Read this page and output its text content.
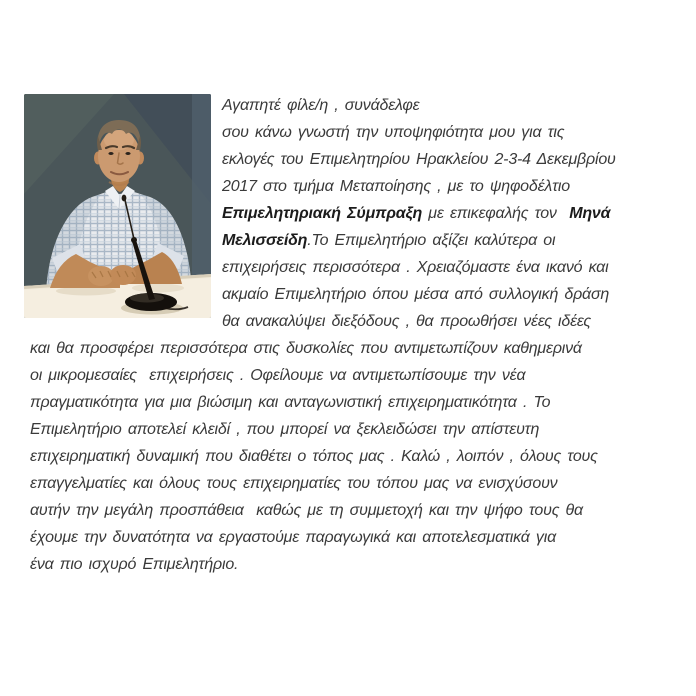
Αγαπητέ φίλε/η , συνάδελφε
σου κάνω γνωστή την υποψηφιότητα μου για τις
εκλογές του Επιμελητηρίου Ηρακλείου 2-3-4 Δεκεμβρίου
2017 στο τμήμα Μεταποίησης , με το ψηφοδέλτιο
Επιμελητηριακή Σύμπραξη με επικεφαλής τον  Μηνά
Μελισσείδη.Το Επιμελητήριο αξίζει καλύτερα οι
επιχειρήσεις περισσότερα . Χρειαζόμαστε ένα ικανό και
ακμαίο Επιμελητήριο όπου μέσα από συλλογική δράση
θα ανακαλύψει διεξόδους , θα προωθήσει νέες ιδέες
και θα προσφέρει περισσότερα στις δυσκολίες που αντιμετωπίζουν καθημερινά
οι μικρομεσαίες  επιχειρήσεις . Οφείλουμε να αντιμετωπίσουμε την νέα
πραγματικότητα για μια βιώσιμη και ανταγωνιστική επιχειρηματικότητα . Το
Επιμελητήριο αποτελεί κλειδί , που μπορεί να ξεκλειδώσει την απίστευτη
επιχειρηματική δυναμική που διαθέτει ο τόπος μας . Καλώ , λοιπόν , όλους τους
επαγγελματίες και όλους τους επιχειρηματίες του τόπου μας να ενισχύσουν
αυτήν την μεγάλη προσπάθεια  καθώς με τη συμμετοχή και την ψήφο τους θα
έχουμε την δυνατότητα να εργαστούμε παραγωγικά και αποτελεσματικά για
ένα πιο ισχυρό Επιμελητήριο.
